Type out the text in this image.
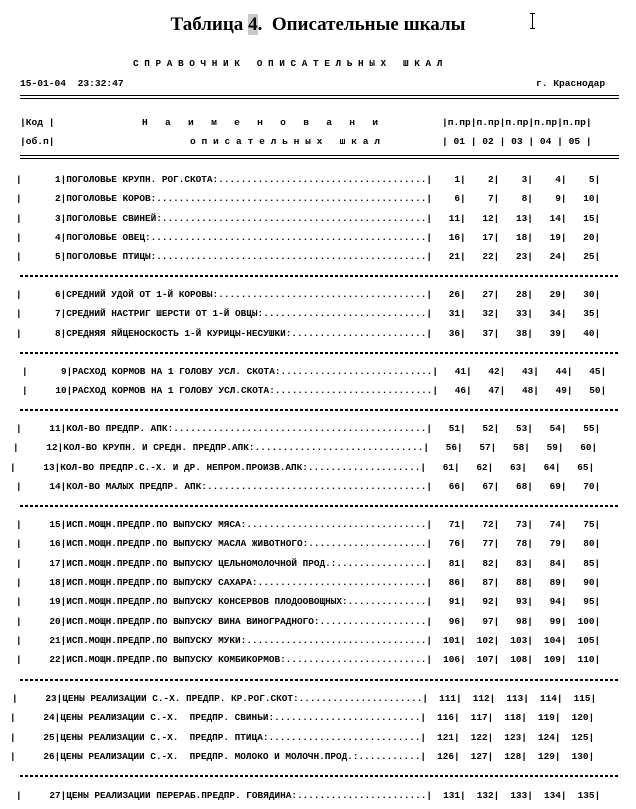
Таблица 4.  Описательные шкалы
С П Р А В О Ч Н И К   О П И С А Т Е Л Ь Н Ы Х   Ш К А Л
15-01-04  23:32:47	г. Краснодар
|Код |
|об.п|
Н   а   и   м   е   н   о   в   а   н   и
о п и с а т е л ь н ы х   ш к а л
|п.пр|п.пр|п.пр|п.пр|п.пр|
| 01 | 02 | 03 | 04 | 05 |
|	1|ПОГОЛОВЬЕ КРУПН. РОГ.СКОТА:.....................................| 1| 2| 3| 4| 5|
|	2|ПОГОЛОВЬЕ КОРОВ:................................................| 6| 7| 8| 9| 10|
|	3|ПОГОЛОВЬЕ СВИНЕЙ:...............................................| 11| 12| 13| 14| 15|
|	4|ПОГОЛОВЬЕ ОВЕЦ:.................................................| 16| 17| 18| 19| 20|
|	5|ПОГОЛОВЬЕ ПТИЦЫ:................................................| 21| 22| 23| 24| 25|
|	6|СРЕДНИЙ УДОЙ ОТ 1-Й КОРОВЫ:.....................................| 26| 27| 28| 29| 30|
|	7|СРЕДНИЙ НАСТРИГ ШЕРСТИ ОТ 1-Й ОВЦЫ:.............................| 31| 32| 33| 34| 35|
|	8|СРЕДНЯЯ ЯЙЦЕНОСКОСТЬ 1-Й КУРИЦЫ-НЕСУШКИ:........................| 36| 37| 38| 39| 40|
|	9|РАСХОД КОРМОВ НА 1 ГОЛОВУ УСЛ. СКОТА:...........................| 41| 42| 43| 44| 45|
|	10|РАСХОД КОРМОВ НА 1 ГОЛОВУ УСЛ.СКОТА:............................| 46| 47| 48| 49| 50|
|	11|КОЛ-ВО ПРЕДПР. АПК:.............................................| 51| 52| 53| 54| 55|
|	12|КОЛ-ВО КРУПН. И СРЕДН. ПРЕДПР.АПК:..............................| 56| 57| 58| 59| 60|
|	13|КОЛ-ВО ПРЕДПР.С.-Х. И ДР. НЕПРОМ.ПРОИЗВ.АПК:....................| 61| 62| 63| 64| 65|
|	14|КОЛ-ВО МАЛЫХ ПРЕДПР. АПК:.......................................| 66| 67| 68| 69| 70|
|	15|ИСП.МОЩН.ПРЕДПР.ПО ВЫПУСКУ МЯСА:................................| 71| 72| 73| 74| 75|
|	16|ИСП.МОЩН.ПРЕДПР.ПО ВЫПУСКУ МАСЛА ЖИВОТНОГО:.....................| 76| 77| 78| 79| 80|
|	17|ИСП.МОЩН.ПРЕДПР.ПО ВЫПУСКУ ЦЕЛЬНОМОЛОЧНОЙ ПРОД.:................| 81| 82| 83| 84| 85|
|	18|ИСП.МОЩН.ПРЕДПР.ПО ВЫПУСКУ САХАРА:..............................| 86| 87| 88| 89| 90|
|	19|ИСП.МОЩН.ПРЕДПР.ПО ВЫПУСКУ КОНСЕРВОВ ПЛОДООВОЩНЫХ:..............| 91| 92| 93| 94| 95|
|	20|ИСП.МОЩН.ПРЕДПР.ПО ВЫПУСКУ ВИНА ВИНОГРАДНОГО:...................| 96| 97| 98| 99| 100|
|	21|ИСП.МОЩН.ПРЕДПР.ПО ВЫПУСКУ МУКИ:................................| 101| 102| 103| 104| 105|
|	22|ИСП.МОЩН.ПРЕДПР.ПО ВЫПУСКУ КОМБИКОРМОВ:.........................| 106| 107| 108| 109| 110|
|	23|ЦЕНЫ РЕАЛИЗАЦИИ С.-Х. ПРЕДПР. КР.РОГ.СКОТ:......................| 111| 112| 113| 114| 115|
|	24|ЦЕНЫ РЕАЛИЗАЦИИ С.-Х.  ПРЕДПР. СВИНЬИ:..........................| 116| 117| 118| 119| 120|
|	25|ЦЕНЫ РЕАЛИЗАЦИИ С.-Х.  ПРЕДПР. ПТИЦА:...........................| 121| 122| 123| 124| 125|
|	26|ЦЕНЫ РЕАЛИЗАЦИИ С.-Х.  ПРЕДПР. МОЛОКО И МОЛОЧН.ПРОД.:...........| 126| 127| 128| 129| 130|
|	27|ЦЕНЫ РЕАЛИЗАЦИИ ПЕРЕРАБ.ПРЕДПР. ГОВЯДИНА:.......................| 131| 132| 133| 134| 135|
